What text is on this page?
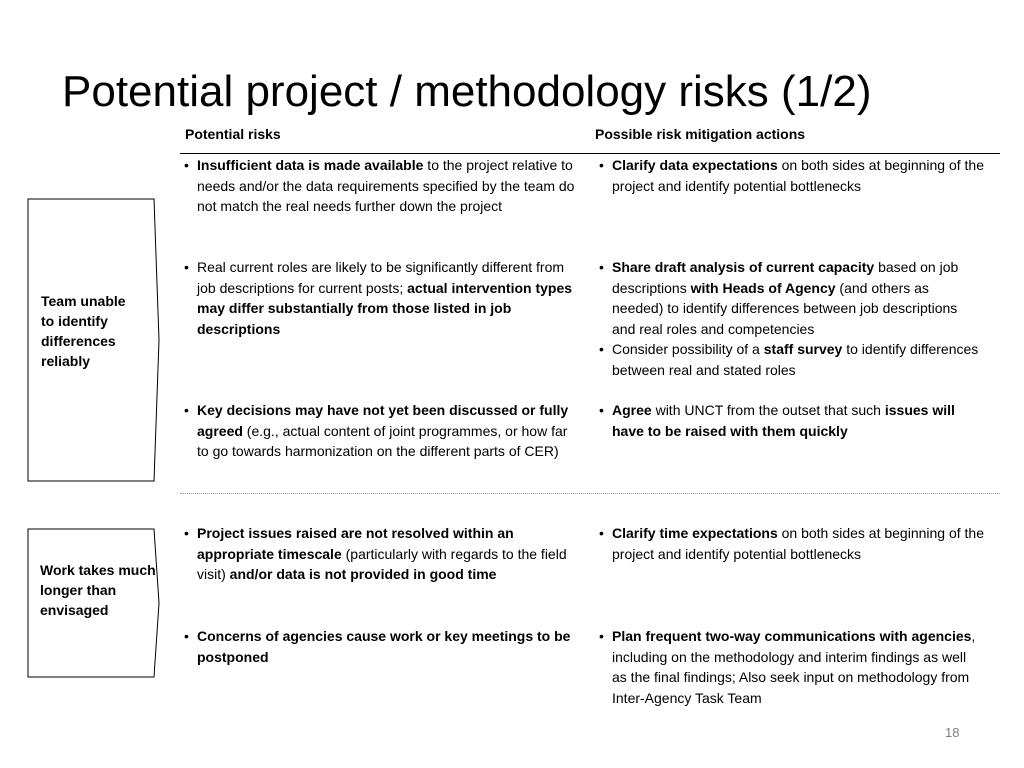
Potential project / methodology risks (1/2)
Potential risks	Possible risk mitigation actions
Team unable to identify differences reliably
Work takes much longer than envisaged
• Insufficient data is made available to the project relative to needs and/or the data requirements specified by the team do not match the real needs further down the project
• Clarify data expectations on both sides at beginning of the project and identify potential bottlenecks
• Real current roles are likely to be significantly different from job descriptions for current posts; actual intervention types may differ substantially from those listed in job descriptions
• Share draft analysis of current capacity based on job descriptions with Heads of Agency (and others as needed) to identify differences between job descriptions and real roles and competencies
• Consider possibility of a staff survey to identify differences between real and stated roles
• Key decisions may have not yet been discussed or fully agreed (e.g., actual content of joint programmes, or how far to go towards harmonization on the different parts of CER)
• Agree with UNCT from the outset that such issues will have to be raised with them quickly
• Project issues raised are not resolved within an appropriate timescale (particularly with regards to the field visit) and/or data is not provided in good time
• Clarify time expectations on both sides at beginning of the project and identify potential bottlenecks
• Concerns of agencies cause work or key meetings to be postponed
• Plan frequent two-way communications with agencies, including on the methodology and interim findings as well as the final findings; Also seek input on methodology from Inter-Agency Task Team
18
